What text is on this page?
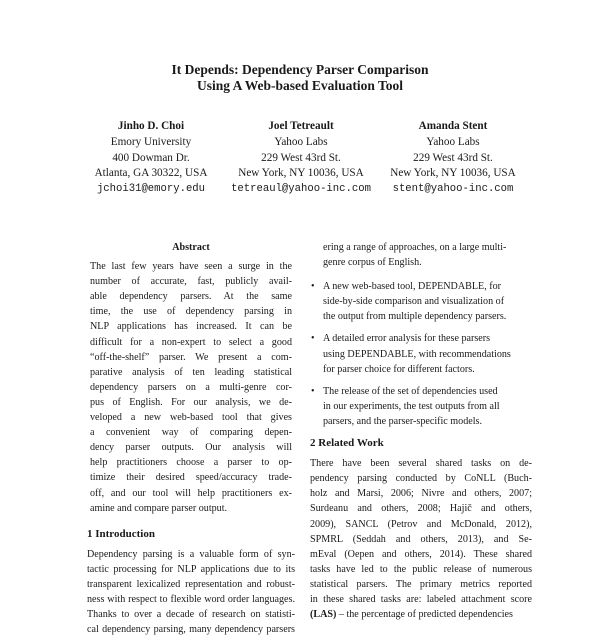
It Depends: Dependency Parser Comparison
Using A Web-based Evaluation Tool
Jinho D. Choi
Emory University
400 Dowman Dr.
Atlanta, GA 30322, USA
jchoi31@emory.edu
Joel Tetreault
Yahoo Labs
229 West 43rd St.
New York, NY 10036, USA
tetreaul@yahoo-inc.com
Amanda Stent
Yahoo Labs
229 West 43rd St.
New York, NY 10036, USA
stent@yahoo-inc.com
Abstract
The last few years have seen a surge in the
number of accurate, fast, publicly avail-
able dependency parsers. At the same
time, the use of dependency parsing in
NLP applications has increased. It can be
difficult for a non-expert to select a good
“off-the-shelf” parser. We present a com-
parative analysis of ten leading statistical
dependency parsers on a multi-genre cor-
pus of English. For our analysis, we de-
veloped a new web-based tool that gives
a convenient way of comparing depen-
dency parser outputs. Our analysis will
help practitioners choose a parser to op-
timize their desired speed/accuracy trade-
off, and our tool will help practitioners ex-
amine and compare parser output.
1 Introduction
Dependency parsing is a valuable form of syn-
tactic processing for NLP applications due to its
transparent lexicalized representation and robust-
ness with respect to flexible word order languages.
Thanks to over a decade of research on statisti-
cal dependency parsing, many dependency parsers
ering a range of approaches, on a large multi-
genre corpus of English.
• A new web-based tool, DEPENDABLE, for
side-by-side comparison and visualization of
the output from multiple dependency parsers.
• A detailed error analysis for these parsers
using DEPENDABLE, with recommendations
for parser choice for different factors.
• The release of the set of dependencies used
in our experiments, the test outputs from all
parsers, and the parser-specific models.
2 Related Work
There have been several shared tasks on de-
pendency parsing conducted by CoNLL (Buch-
holz and Marsi, 2006; Nivre and others, 2007;
Surdeanu and others, 2008; Hajič and others,
2009), SANCL (Petrov and McDonald, 2012),
SPMRL (Seddah and others, 2013), and Se-
mEval (Oepen and others, 2014). These shared
tasks have led to the public release of numerous
statistical parsers. The primary metrics reported
in these shared tasks are: labeled attachment score
(LAS) – the percentage of predicted dependencies
